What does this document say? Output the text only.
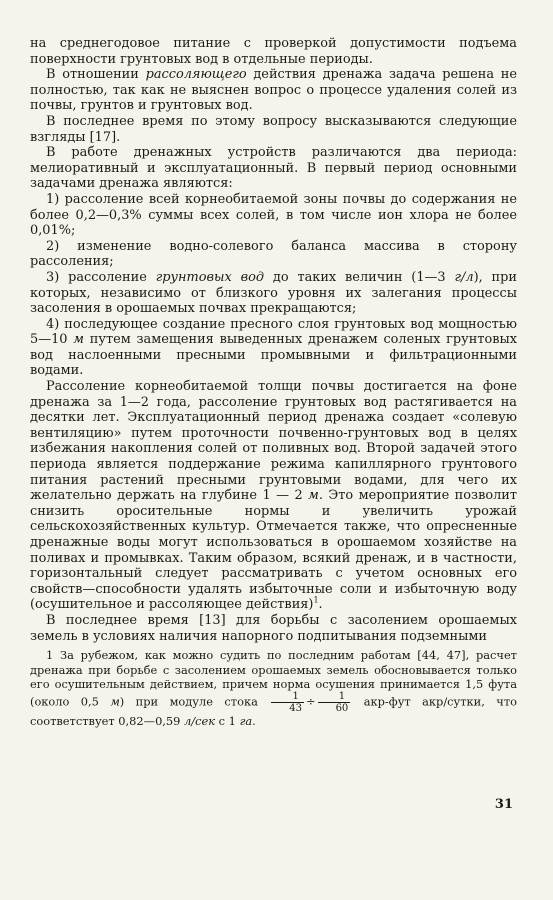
на среднегодовое питание с проверкой допустимости подъема поверхности грунтовых вод в отдельные периоды.

В отношении рассоляющего действия дренажа задача решена не полностью, так как не выяснен вопрос о процессе удаления солей из почвы, грунтов и грунтовых вод.

В последнее время по этому вопросу высказываются следующие взгляды [17].

В работе дренажных устройств различаются два периода: мелиоративный и эксплуатационный. В первый период основными задачами дренажа являются:

1) рассоление всей корнеобитаемой зоны почвы до содержания не более 0,2—0,3% суммы всех солей, в том числе ион хлора не более 0,01%;

2) изменение водно-солевого баланса массива в сторону рассоления;

3) рассоление грунтовых вод до таких величин (1—3 г/л), при которых, независимо от близкого уровня их залегания процессы засоления в орошаемых почвах прекращаются;

4) последующее создание пресного слоя грунтовых вод мощностью 5—10 м путем замещения выведенных дренажем соленых грунтовых вод наслоенными пресными промывными и фильтрационными водами.

Рассоление корнеобитаемой толщи почвы достигается на фоне дренажа за 1—2 года, рассоление грунтовых вод растягивается на десятки лет. Эксплуатационный период дренажа создает «солевую вентиляцию» путем проточности почвенно-грунтовых вод в целях избежания накопления солей от поливных вод. Второй задачей этого периода является поддержание режима капиллярного грунтового питания растений пресными грунтовыми водами, для чего их желательно держать на глубине 1 — 2 м. Это мероприятие позволит снизить оросительные нормы и увеличить урожай сельскохозяйственных культур. Отмечается также, что опресненные дренажные воды могут использоваться в орошаемом хозяйстве на поливах и промывках. Таким образом, всякий дренаж, и в частности, горизонтальный следует рассматривать с учетом основных его свойств—способности удалять избыточные соли и избыточную воду (осушительное и рассоляющее действия)$^1$.

В последнее время [13] для борьбы с засолением орошаемых земель в условиях наличия напорного подпитывания подземными

1 За рубежом, как можно судить по последним работам [44, 47], расчет дренажа при борьбе с засолением орошаемых земель обосновывается только его осушительным действием, причем норма осушения принимается 1,5 фута (около 0,5 м) при модуле стока $\frac{1}{43} \div \frac{1}{60} акр-фут$ акр/сутки, что соответствует 0,82—0,59 л/сек с 1 га.

31
